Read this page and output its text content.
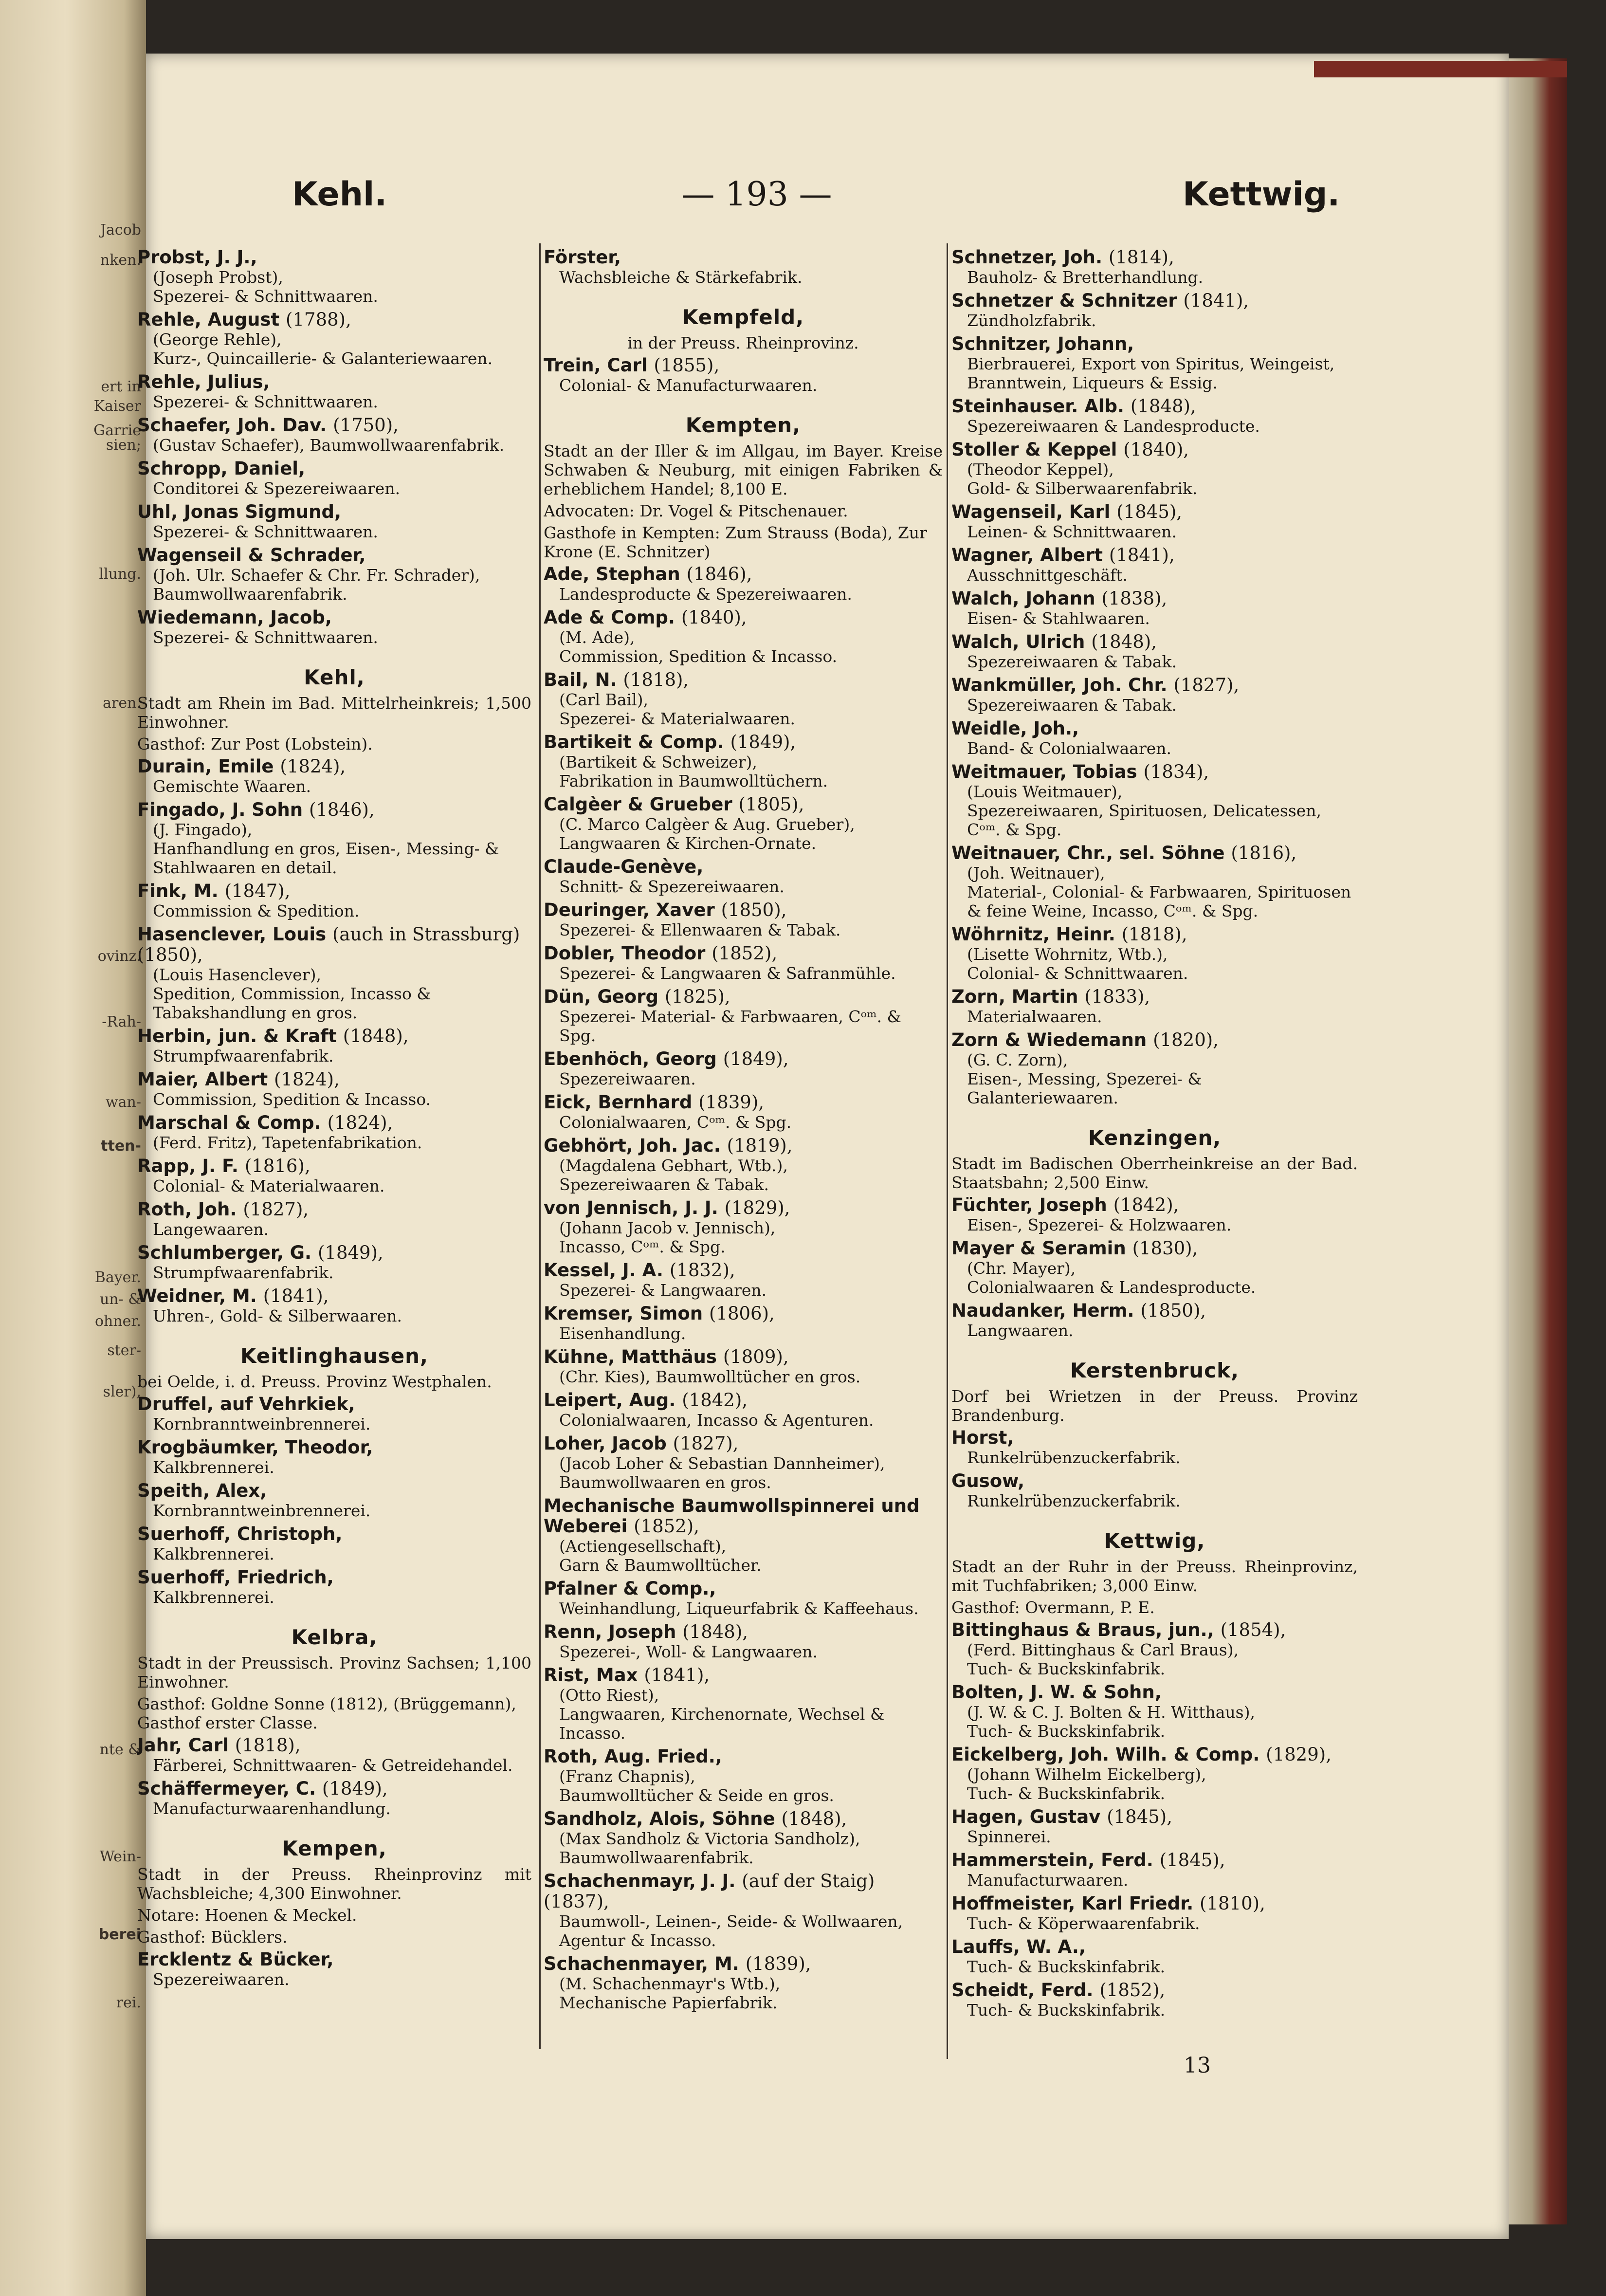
Jacob
nken.
ert in
Kaiser
Garrie
sien;
llung.
aren.
ovinz.
-Rah-
wan-
tten-
Bayer.
un- &
ohner.
ster-
sler),
nte &
Wein-
berei
rei.
Kehl.	— 193 —	Kettwig.
Probst, J. J.,
(Joseph Probst),
Spezerei- & Schnittwaaren.
Rehle, August (1788),
(George Rehle),
Kurz-, Quincaillerie- & Galanteriewaaren.
Rehle, Julius,
Spezerei- & Schnittwaaren.
Schaefer, Joh. Dav. (1750),
(Gustav Schaefer), Baumwollwaarenfabrik.
Schropp, Daniel,
Conditorei & Spezereiwaaren.
Uhl, Jonas Sigmund,
Spezerei- & Schnittwaaren.
Wagenseil & Schrader,
(Joh. Ulr. Schaefer & Chr. Fr. Schrader),
Baumwollwaarenfabrik.
Wiedemann, Jacob,
Spezerei- & Schnittwaaren.
Kehl,
Stadt am Rhein im Bad. Mittelrheinkreis; 1,500 Einwohner.
Gasthof: Zur Post (Lobstein).
Durain, Emile (1824),
Gemischte Waaren.
Fingado, J. Sohn (1846),
(J. Fingado),
Hanfhandlung en gros, Eisen-, Messing- & Stahlwaaren en detail.
Fink, M. (1847),
Commission & Spedition.
Hasenclever, Louis (auch in Strassburg) (1850),
(Louis Hasenclever),
Spedition, Commission, Incasso & Tabakshandlung en gros.
Herbin, jun. & Kraft (1848),
Strumpfwaarenfabrik.
Maier, Albert (1824),
Commission, Spedition & Incasso.
Marschal & Comp. (1824),
(Ferd. Fritz), Tapetenfabrikation.
Rapp, J. F. (1816),
Colonial- & Materialwaaren.
Roth, Joh. (1827),
Langewaaren.
Schlumberger, G. (1849),
Strumpfwaarenfabrik.
Weidner, M. (1841),
Uhren-, Gold- & Silberwaaren.
Keitlinghausen,
bei Oelde, i. d. Preuss. Provinz Westphalen.
Druffel, auf Vehrkiek,
Kornbranntweinbrennerei.
Krogbäumker, Theodor,
Kalkbrennerei.
Speith, Alex,
Kornbranntweinbrennerei.
Suerhoff, Christoph,
Kalkbrennerei.
Suerhoff, Friedrich,
Kalkbrennerei.
Kelbra,
Stadt in der Preussisch. Provinz Sachsen; 1,100 Einwohner.
Gasthof: Goldne Sonne (1812), (Brüggemann), Gasthof erster Classe.
Jahr, Carl (1818),
Färberei, Schnittwaaren- & Getreidehandel.
Schäffermeyer, C. (1849),
Manufacturwaarenhandlung.
Kempen,
Stadt in der Preuss. Rheinprovinz mit Wachsbleiche; 4,300 Einwohner.
Notare: Hoenen & Meckel.
Gasthof: Bücklers.
Ercklentz & Bücker,
Spezereiwaaren.
Förster,
Wachsbleiche & Stärkefabrik.
Kempfeld,
in der Preuss. Rheinprovinz.
Trein, Carl (1855),
Colonial- & Manufacturwaaren.
Kempten,
Stadt an der Iller & im Allgau, im Bayer. Kreise Schwaben & Neuburg, mit einigen Fabriken & erheblichem Handel; 8,100 E.
Advocaten: Dr. Vogel & Pitschenauer.
Gasthofe in Kempten: Zum Strauss (Boda), Zur Krone (E. Schnitzer)
Ade, Stephan (1846),
Landesproducte & Spezereiwaaren.
Ade & Comp. (1840),
(M. Ade),
Commission, Spedition & Incasso.
Bail, N. (1818),
(Carl Bail),
Spezerei- & Materialwaaren.
Bartikeit & Comp. (1849),
(Bartikeit & Schweizer),
Fabrikation in Baumwolltüchern.
Calgèer & Grueber (1805),
(C. Marco Calgèer & Aug. Grueber),
Langwaaren & Kirchen-Ornate.
Claude-Genève,
Schnitt- & Spezereiwaaren.
Deuringer, Xaver (1850),
Spezerei- & Ellenwaaren & Tabak.
Dobler, Theodor (1852),
Spezerei- & Langwaaren & Safranmühle.
Dün, Georg (1825),
Spezerei- Material- & Farbwaaren, Cᵒᵐ. & Spg.
Ebenhöch, Georg (1849),
Spezereiwaaren.
Eick, Bernhard (1839),
Colonialwaaren, Cᵒᵐ. & Spg.
Gebhört, Joh. Jac. (1819),
(Magdalena Gebhart, Wtb.),
Spezereiwaaren & Tabak.
von Jennisch, J. J. (1829),
(Johann Jacob v. Jennisch),
Incasso, Cᵒᵐ. & Spg.
Kessel, J. A. (1832),
Spezerei- & Langwaaren.
Kremser, Simon (1806),
Eisenhandlung.
Kühne, Matthäus (1809),
(Chr. Kies), Baumwolltücher en gros.
Leipert, Aug. (1842),
Colonialwaaren, Incasso & Agenturen.
Loher, Jacob (1827),
(Jacob Loher & Sebastian Dannheimer),
Baumwollwaaren en gros.
Mechanische Baumwollspinnerei und Weberei (1852),
(Actiengesellschaft),
Garn & Baumwolltücher.
Pfalner & Comp.,
Weinhandlung, Liqueurfabrik & Kaffeehaus.
Renn, Joseph (1848),
Spezerei-, Woll- & Langwaaren.
Rist, Max (1841),
(Otto Riest),
Langwaaren, Kirchenornate, Wechsel & Incasso.
Roth, Aug. Fried.,
(Franz Chapnis),
Baumwolltücher & Seide en gros.
Sandholz, Alois, Söhne (1848),
(Max Sandholz & Victoria Sandholz),
Baumwollwaarenfabrik.
Schachenmayr, J. J. (auf der Staig) (1837),
Baumwoll-, Leinen-, Seide- & Wollwaaren, Agentur & Incasso.
Schachenmayer, M. (1839),
(M. Schachenmayr's Wtb.),
Mechanische Papierfabrik.
Schnetzer, Joh. (1814),
Bauholz- & Bretterhandlung.
Schnetzer & Schnitzer (1841),
Zündholzfabrik.
Schnitzer, Johann,
Bierbrauerei, Export von Spiritus, Weingeist, Branntwein, Liqueurs & Essig.
Steinhauser. Alb. (1848),
Spezereiwaaren & Landesproducte.
Stoller & Keppel (1840),
(Theodor Keppel),
Gold- & Silberwaarenfabrik.
Wagenseil, Karl (1845),
Leinen- & Schnittwaaren.
Wagner, Albert (1841),
Ausschnittgeschäft.
Walch, Johann (1838),
Eisen- & Stahlwaaren.
Walch, Ulrich (1848),
Spezereiwaaren & Tabak.
Wankmüller, Joh. Chr. (1827),
Spezereiwaaren & Tabak.
Weidle, Joh.,
Band- & Colonialwaaren.
Weitmauer, Tobias (1834),
(Louis Weitmauer),
Spezereiwaaren, Spirituosen, Delicatessen, Cᵒᵐ. & Spg.
Weitnauer, Chr., sel. Söhne (1816),
(Joh. Weitnauer),
Material-, Colonial- & Farbwaaren, Spirituosen & feine Weine, Incasso, Cᵒᵐ. & Spg.
Wöhrnitz, Heinr. (1818),
(Lisette Wohrnitz, Wtb.),
Colonial- & Schnittwaaren.
Zorn, Martin (1833),
Materialwaaren.
Zorn & Wiedemann (1820),
(G. C. Zorn),
Eisen-, Messing, Spezerei- & Galanteriewaaren.
Kenzingen,
Stadt im Badischen Oberrheinkreise an der Bad. Staatsbahn; 2,500 Einw.
Füchter, Joseph (1842),
Eisen-, Spezerei- & Holzwaaren.
Mayer & Seramin (1830),
(Chr. Mayer),
Colonialwaaren & Landesproducte.
Naudanker, Herm. (1850),
Langwaaren.
Kerstenbruck,
Dorf bei Wrietzen in der Preuss. Provinz Brandenburg.
Horst,
Runkelrübenzuckerfabrik.
Gusow,
Runkelrübenzuckerfabrik.
Kettwig,
Stadt an der Ruhr in der Preuss. Rheinprovinz, mit Tuchfabriken; 3,000 Einw.
Gasthof: Overmann, P. E.
Bittinghaus & Braus, jun., (1854),
(Ferd. Bittinghaus & Carl Braus),
Tuch- & Buckskinfabrik.
Bolten, J. W. & Sohn,
(J. W. & C. J. Bolten & H. Witthaus),
Tuch- & Buckskinfabrik.
Eickelberg, Joh. Wilh. & Comp. (1829),
(Johann Wilhelm Eickelberg),
Tuch- & Buckskinfabrik.
Hagen, Gustav (1845),
Spinnerei.
Hammerstein, Ferd. (1845),
Manufacturwaaren.
Hoffmeister, Karl Friedr. (1810),
Tuch- & Köperwaarenfabrik.
Lauffs, W. A.,
Tuch- & Buckskinfabrik.
Scheidt, Ferd. (1852),
Tuch- & Buckskinfabrik.
13
